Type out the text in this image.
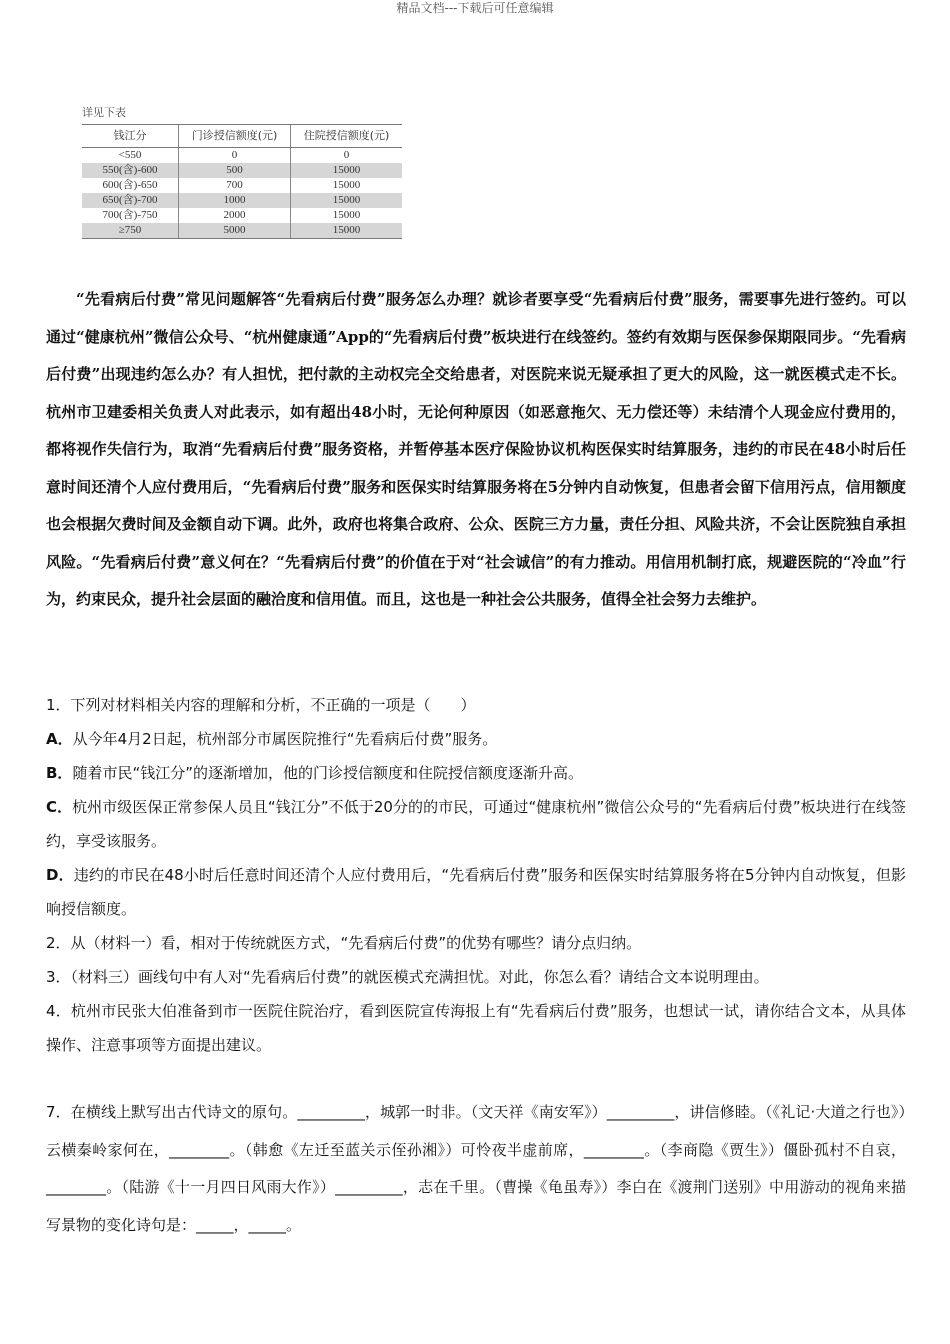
精品文档---下载后可任意编辑
详见下表
钱江分	门诊授信额度(元)	住院授信额度(元)
<550	0	0
550(含)-600	500	15000
600(含)-650	700	15000
650(含)-700	1000	15000
700(含)-750	2000	15000
≥750	5000	15000

“先看病后付费”常见问题解答“先看病后付费”服务怎么办理？就诊者要享受“先看病后付费”服务，需要事先进行签约。可以通过“健康杭州”微信公众号、“杭州健康通”App的“先看病后付费”板块进行在线签约。签约有效期与医保参保期限同步。“先看病后付费”出现违约怎么办？有人担忧，把付款的主动权完全交给患者，对医院来说无疑承担了更大的风险，这一就医模式走不长。杭州市卫建委相关负责人对此表示，如有超出48小时，无论何种原因（如恶意拖欠、无力偿还等）未结清个人现金应付费用的，都将视作失信行为，取消“先看病后付费”服务资格，并暂停基本医疗保险协议机构医保实时结算服务，违约的市民在48小时后任意时间还清个人应付费用后，“先看病后付费”服务和医保实时结算服务将在5分钟内自动恢复，但患者会留下信用污点，信用额度也会根据欠费时间及金额自动下调。此外，政府也将集合政府、公众、医院三方力量，责任分担、风险共济，不会让医院独自承担风险。“先看病后付费”意义何在？“先看病后付费”的价值在于对“社会诚信”的有力推动。用信用机制打底，规避医院的“冷血”行为，约束民众，提升社会层面的融洽度和信用值。而且，这也是一种社会公共服务，值得全社会努力去维护。

1．下列对材料相关内容的理解和分析，不正确的一项是（　　）

A．从今年4月2日起，杭州部分市属医院推行“先看病后付费”服务。

B．随着市民“钱江分”的逐渐增加，他的门诊授信额度和住院授信额度逐渐升高。

C．杭州市级医保正常参保人员且“钱江分”不低于20分的的市民，可通过“健康杭州”微信公众号的“先看病后付费”板块进行在线签约，享受该服务。

D．违约的市民在48小时后任意时间还清个人应付费用后，“先看病后付费”服务和医保实时结算服务将在5分钟内自动恢复，但影响授信额度。

2．从（材料一）看，相对于传统就医方式，“先看病后付费”的优势有哪些？请分点归纳。

3．（材料三）画线句中有人对“先看病后付费”的就医模式充满担忧。对此，你怎么看？请结合文本说明理由。

4．杭州市民张大伯准备到市一医院住院治疗，看到医院宣传海报上有“先看病后付费”服务，也想试一试，请你结合文本，从具体操作、注意事项等方面提出建议。

7．在横线上默写出古代诗文的原句。_________，城郭一时非。（文天祥《南安军》）_________，讲信修睦。（《礼记·大道之行也》）云横秦岭家何在，________。（韩愈《左迁至蓝关示侄孙湘》）可怜夜半虚前席，________。（李商隐《贾生》）僵卧孤村不自哀，________。（陆游《十一月四日风雨大作》）_________，志在千里。（曹操《龟虽寿》）李白在《渡荆门送别》中用游动的视角来描写景物的变化诗句是：_____，_____。
